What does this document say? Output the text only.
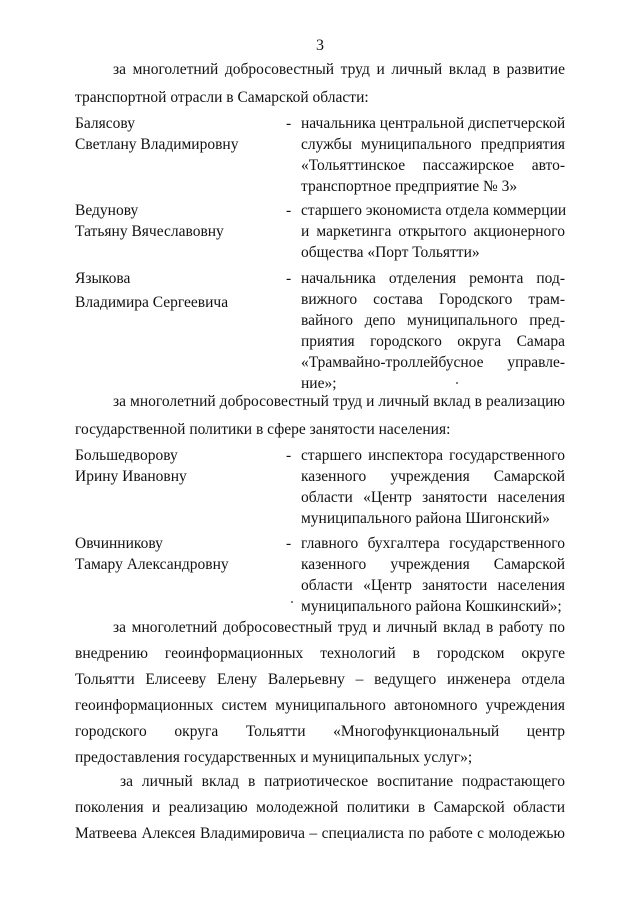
3
за многолетний добросовестный труд и личный вклад в развитие
транспортной отрасли в Самарской области:
Балясову
Светлану Владимировну
- начальника центральной диспетчерской
службы муниципального предприятия
«Тольяттинское пассажирское авто-
транспортное предприятие № 3»
Ведунову
Татьяну Вячеславовну
- старшего экономиста отдела коммерции
и маркетинга открытого акционерного
общества «Порт Тольятти»
Языкова
Владимира Сергеевича
- начальника отделения ремонта под-
вижного состава Городского трам-
вайного депо муниципального пред-
приятия городского округа Самара
«Трамвайно-троллейбусное управле-
ние»;
за многолетний добросовестный труд и личный вклад в реализацию
государственной политики в сфере занятости населения:
Большедворову
Ирину Ивановну
- старшего инспектора государственного
казенного учреждения Самарской
области «Центр занятости населения
муниципального района Шигонский»
Овчинникову
Тамару Александровну
- главного бухгалтера государственного
казенного учреждения Самарской
области «Центр занятости населения
муниципального района Кошкинский»;
за многолетний добросовестный труд и личный вклад в работу по
внедрению геоинформационных технологий в городском округе
Тольятти Елисееву Елену Валерьевну – ведущего инженера отдела
геоинформационных систем муниципального автономного учреждения
городского округа Тольятти «Многофункциональный центр
предоставления государственных и муниципальных услуг»;
за личный вклад в патриотическое воспитание подрастающего
поколения и реализацию молодежной политики в Самарской области
Матвеева Алексея Владимировича – специалиста по работе с молодежью
